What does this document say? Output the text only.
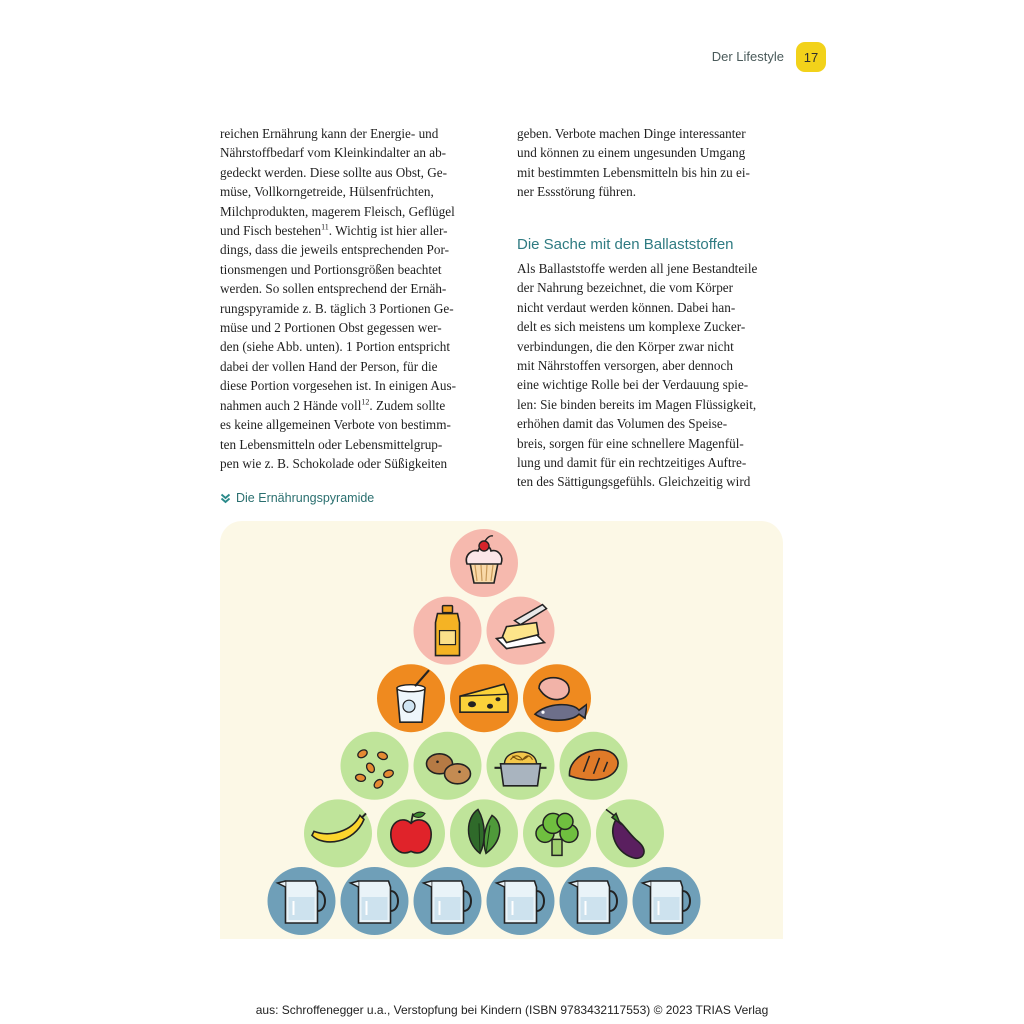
Der Lifestyle 17

reichen Ernährung kann der Energie- und

Nährstoffbedarf vom Kleinkindalter an ab-

gedeckt werden. Diese sollte aus Obst, Ge-

müse, Vollkorngetreide, Hülsenfrüchten,

Milchprodukten, magerem Fleisch, Geflügel

und Fisch bestehen$^{11}$. Wichtig ist hier aller-

dings, dass die jeweils entsprechenden Por-

tionsmengen und Portionsgrößen beachtet

werden. So sollen entsprechend der Ernäh-

rungspyramide z. B. täglich 3 Portionen Ge-

müse und 2 Portionen Obst gegessen wer-

den (siehe Abb. unten). 1 Portion entspricht

dabei der vollen Hand der Person, für die

diese Portion vorgesehen ist. In einigen Aus-

nahmen auch 2 Hände voll$^{12}$. Zudem sollte

es keine allgemeinen Verbote von bestimm-

ten Lebensmitteln oder Lebensmittelgrup-

pen wie z. B. Schokolade oder Süßigkeiten

geben. Verbote machen Dinge interessanter

und können zu einem ungesunden Umgang

mit bestimmten Lebensmitteln bis hin zu ei-

ner Essstörung führen.

Die Sache mit den Ballaststoffen

Als Ballaststoffe werden all jene Bestandteile

der Nahrung bezeichnet, die vom Körper

nicht verdaut werden können. Dabei han-

delt es sich meistens um komplexe Zucker-

verbindungen, die den Körper zwar nicht

mit Nährstoffen versorgen, aber dennoch

eine wichtige Rolle bei der Verdauung spie-

len: Sie binden bereits im Magen Flüssigkeit,

erhöhen damit das Volumen des Speise-

breis, sorgen für eine schnellere Magenfül-

lung und damit für ein rechtzeitiges Auftre-

ten des Sättigungsgefühls. Gleichzeitig wird

Die Ernährungspyramide
aus: Schroffenegger u.a., Verstopfung bei Kindern (ISBN 9783432117553) © 2023 TRIAS Verlag
